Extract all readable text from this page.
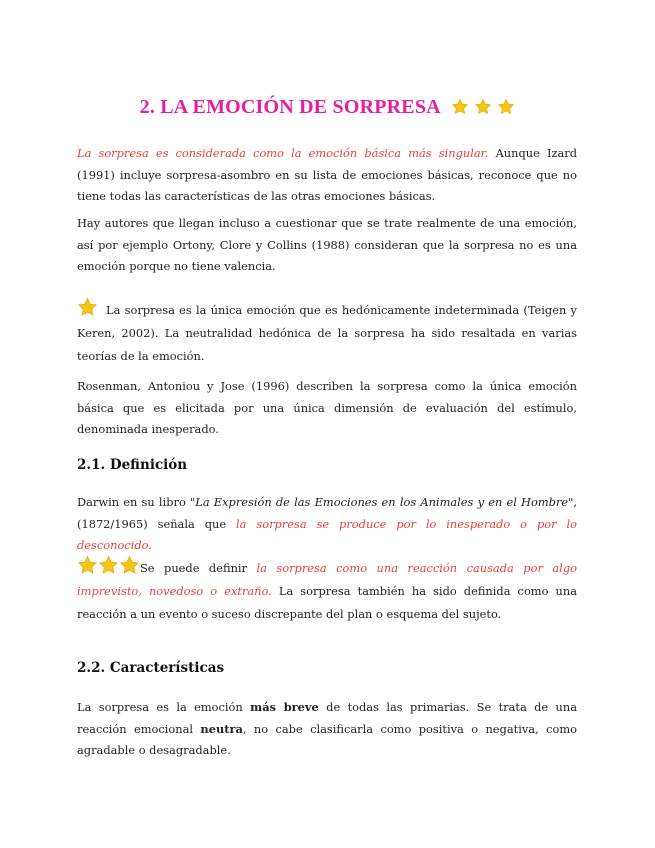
2. LA EMOCIÓN DE SORPRESA
La sorpresa es considerada como la emoción básica más singular. Aunque Izard (1991) incluye sorpresa-asombro en su lista de emociones básicas, reconoce que no tiene todas las características de las otras emociones básicas.
Hay autores que llegan incluso a cuestionar que se trate realmente de una emoción, así por ejemplo Ortony, Clore y Collins (1988) consideran que la sorpresa no es una emoción porque no tiene valencia.
La sorpresa es la única emoción que es hedónicamente indeterminada (Teigen y Keren, 2002). La neutralidad hedónica de la sorpresa ha sido resaltada en varias teorías de la emoción.
Rosenman, Antoniou y Jose (1996) describen la sorpresa como la única emoción básica que es elicitada por una única dimensión de evaluación del estímulo, denominada inesperado.
2.1. Definición
Darwin en su libro "La Expresión de las Emociones en los Animales y en el Hombre", (1872/1965) señala que la sorpresa se produce por lo inesperado o por lo desconocido.
Se puede definir la sorpresa como una reacción causada por algo imprevisto, novedoso o extraño. La sorpresa también ha sido definida como una reacción a un evento o suceso discrepante del plan o esquema del sujeto.
2.2. Características
La sorpresa es la emoción más breve de todas las primarias. Se trata de una reacción emocional neutra, no cabe clasificarla como positiva o negativa, como agradable o desagradable.
